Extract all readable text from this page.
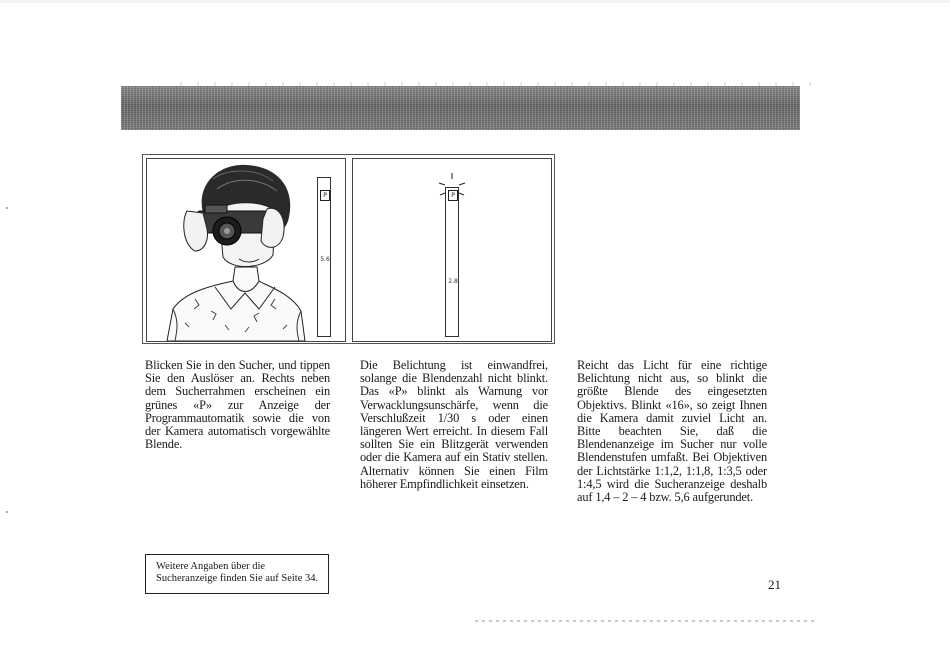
P
5.6
P
2.8
Blicken Sie in den Sucher, und tippen Sie den Auslöser an. Rechts neben dem Sucherrahmen erscheinen ein grünes «P» zur Anzeige der Programmautomatik sowie die von der Kamera automatisch vorgewählte Blende.
Die Belichtung ist einwandfrei, solange die Blendenzahl nicht blinkt. Das «P» blinkt als Warnung vor Verwacklungsunschärfe, wenn die Verschlußzeit 1/30 s oder einen längeren Wert erreicht. In diesem Fall sollten Sie ein Blitzgerät verwenden oder die Kamera auf ein Stativ stellen. Alternativ können Sie einen Film höherer Empfindlichkeit einsetzen.
Reicht das Licht für eine richtige Belichtung nicht aus, so blinkt die größte Blende des eingesetzten Objektivs. Blinkt «16», so zeigt Ihnen die Kamera damit zuviel Licht an. Bitte beachten Sie, daß die Blendenanzeige im Sucher nur volle Blendenstufen umfaßt. Bei Objektiven der Lichtstärke 1:1,2, 1:1,8, 1:3,5 oder 1:4,5 wird die Sucheranzeige deshalb auf 1,4 – 2 – 4 bzw. 5,6 aufgerundet.
Weitere Angaben über die Sucheranzeige finden Sie auf Seite 34.	21
